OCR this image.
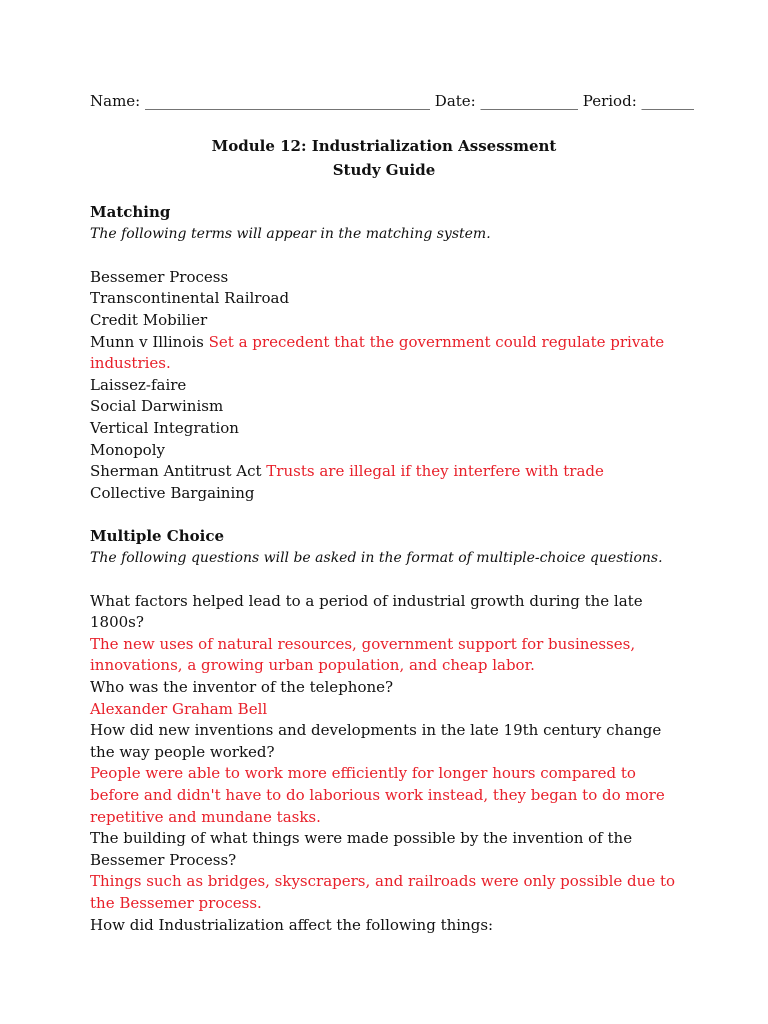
Name: ______________________________________ Date: _____________ Period: _______
Module 12: Industrialization Assessment
Study Guide
Matching
The following terms will appear in the matching system.
Bessemer Process
Transcontinental Railroad
Credit Mobilier
Munn v Illinois Set a precedent that the government could regulate private industries.
Laissez-faire
Social Darwinism
Vertical Integration
Monopoly
Sherman Antitrust Act Trusts are illegal if they interfere with trade
Collective Bargaining
Multiple Choice
The following questions will be asked in the format of multiple-choice questions.
What factors helped lead to a period of industrial growth during the late 1800s?
The new uses of natural resources, government support for businesses, innovations, a growing urban population, and cheap labor.
Who was the inventor of the telephone?
Alexander Graham Bell
How did new inventions and developments in the late 19th century change the way people worked?
People were able to work more efficiently for longer hours compared to before and didn't have to do laborious work instead, they began to do more repetitive and mundane tasks.
The building of what things were made possible by the invention of the Bessemer Process?
Things such as bridges, skyscrapers, and railroads were only possible due to the Bessemer process.
How did Industrialization affect the following things:
